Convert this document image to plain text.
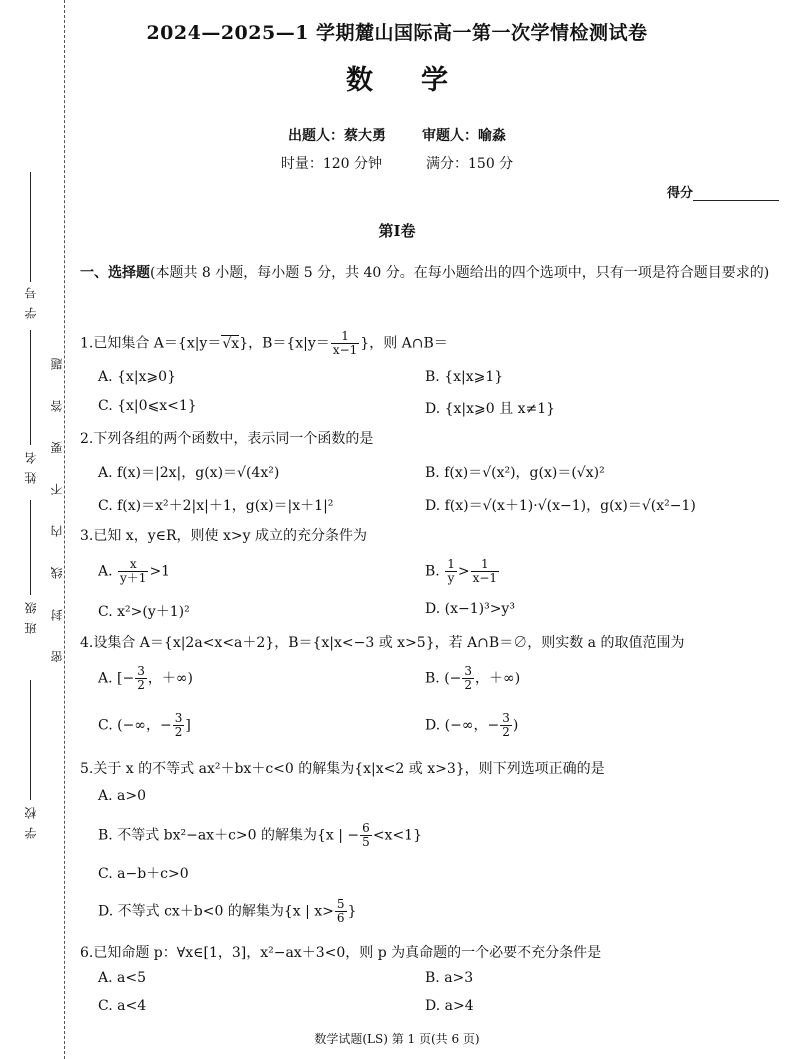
学 校
班 级
姓 名
学 号
密 封 线 内 不 要 答 题
2024—2025—1 学期麓山国际高一第一次学情检测试卷
数 学
出题人：蔡大勇	审题人：喻淼
时量：120 分钟	满分：150 分
得分
第Ⅰ卷
一、选择题(本题共 8 小题，每小题 5 分，共 40 分。在每小题给出的四个选项中，只有一项是符合题目要求的)
1.已知集合 A＝{x|y＝√ x}，$B=\{x|y= \frac{1}{x-1}$ }，则 A∩B＝
A. {x|x⩾0}	B. {x|x⩾1}
C. {x|0⩽x<1}	D. {x|x⩾0 且 x≠1}
2.下列各组的两个函数中，表示同一个函数的是
A. f(x)＝|2x|，g(x)＝√(4x²)	B. f(x)＝√(x²)，g(x)＝(√x)²
C. f(x)＝x²＋2|x|＋1，g(x)＝|x＋1|²	D. f(x)＝√(x＋1)·√(x−1)，g(x)＝√(x²−1)
3.已知 x，y∈R，则使 x>y 成立的充分条件为
A. $\frac{x}{y+1} >1$	B. $\frac{1}{y} > \frac{1}{x-1}$
C. x²>(y＋1)²	D. (x−1)³>y³
4.设集合 A＝{x|2a<x<a＋2}，B＝{x|x<−3 或 x>5}，若 A∩B＝∅，则实数 a 的取值范围为
A. [− $\frac{3}{2}$ ，＋∞)	B. (− $\frac{3}{2}$ ，＋∞)
C. (−∞，− $\frac{3}{2}$ ]	D. (−∞，− $\frac{3}{2}$ )
5.关于 x 的不等式 ax²＋bx＋c<0 的解集为{x|x<2 或 x>3}，则下列选项正确的是
A. a>0
B. 不等式 bx²−ax＋c>0 的解集为{x | − $\frac{6}{5} <x<1$}
C. a−b＋c>0
D. 不等式 cx＋b<0 的解集为{x | $x> \frac{5}{6}$ }
6.已知命题 p：∀x∈[1，3]，x²−ax＋3<0，则 p 为真命题的一个必要不充分条件是
A. a<5	B. a>3
C. a<4	D. a>4
数学试题(LS) 第 1 页(共 6 页)
